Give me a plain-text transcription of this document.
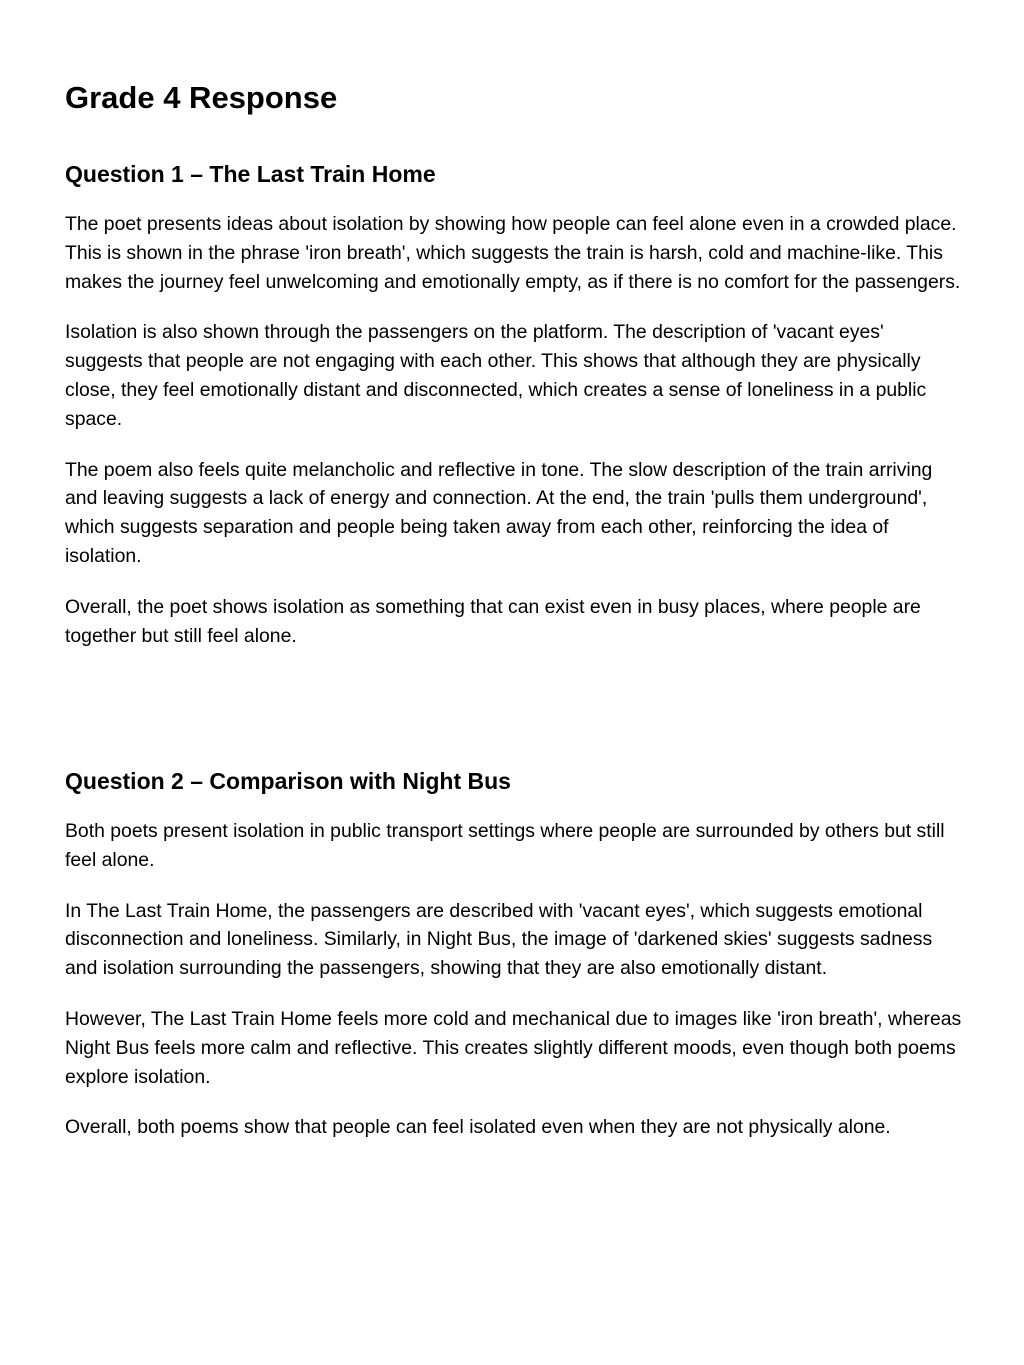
Grade 4 Response
Question 1 – The Last Train Home

The poet presents ideas about isolation by showing how people can feel alone even in a crowded place. This is shown in the phrase 'iron breath', which suggests the train is harsh, cold and machine-like. This makes the journey feel unwelcoming and emotionally empty, as if there is no comfort for the passengers.

Isolation is also shown through the passengers on the platform. The description of 'vacant eyes' suggests that people are not engaging with each other. This shows that although they are physically close, they feel emotionally distant and disconnected, which creates a sense of loneliness in a public space.

The poem also feels quite melancholic and reflective in tone. The slow description of the train arriving and leaving suggests a lack of energy and connection. At the end, the train 'pulls them underground', which suggests separation and people being taken away from each other, reinforcing the idea of isolation.

Overall, the poet shows isolation as something that can exist even in busy places, where people are together but still feel alone.

Question 2 – Comparison with Night Bus

Both poets present isolation in public transport settings where people are surrounded by others but still feel alone.

In The Last Train Home, the passengers are described with 'vacant eyes', which suggests emotional disconnection and loneliness. Similarly, in Night Bus, the image of 'darkened skies' suggests sadness and isolation surrounding the passengers, showing that they are also emotionally distant.

However, The Last Train Home feels more cold and mechanical due to images like 'iron breath', whereas Night Bus feels more calm and reflective. This creates slightly different moods, even though both poems explore isolation.

Overall, both poems show that people can feel isolated even when they are not physically alone.
